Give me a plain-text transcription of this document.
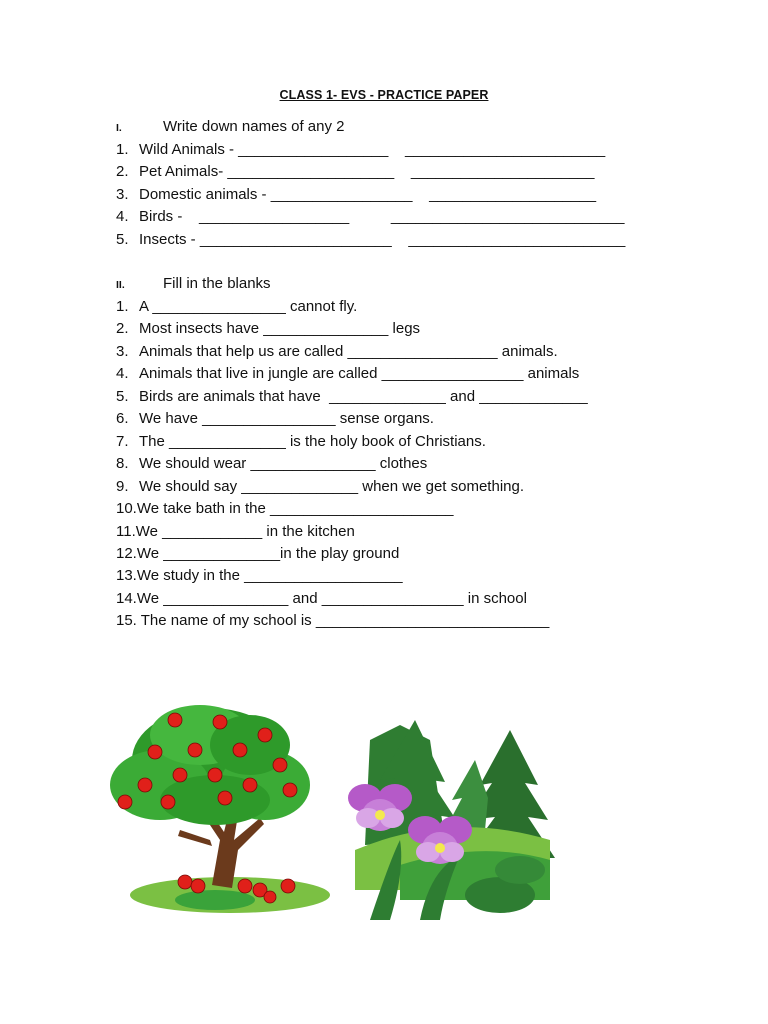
CLASS 1- EVS - PRACTICE PAPER
I.	Write down names of any 2
1. Wild Animals - __________________    ________________________
2. Pet Animals- ____________________    ______________________
3. Domestic animals - _________________    ____________________
4. Birds -    __________________          ____________________________
5. Insects - _______________________    __________________________
II.	Fill in the blanks
1. A ________________ cannot fly.
2. Most insects have _______________ legs
3. Animals that help us are called __________________ animals.
4. Animals that live in jungle are called _________________ animals
5. Birds are animals that have  ______________ and _____________
6. We have ________________ sense organs.
7. The ______________ is the holy book of Christians.
8. We should wear _______________ clothes
9. We should say ______________ when we get something.
10.We take bath in the ______________________
11.We ____________ in the kitchen
12.We ______________in the play ground
13.We study in the ___________________
14.We _______________ and _________________ in school
15. The name of my school is ____________________________
